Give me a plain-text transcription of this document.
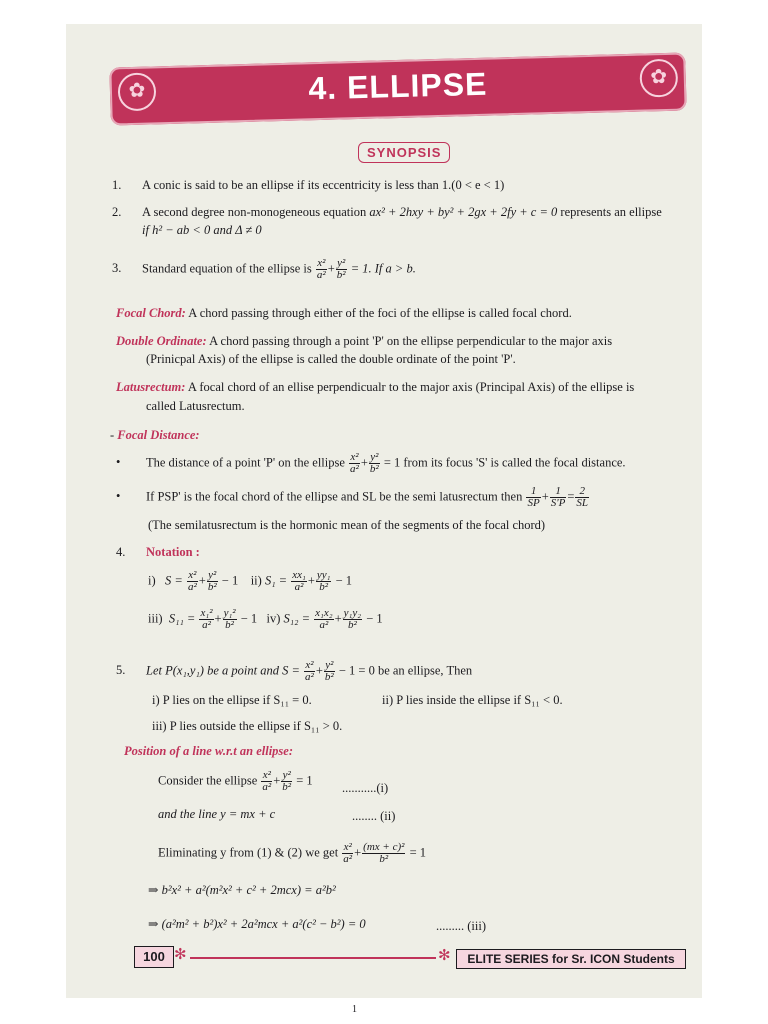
✿
✿
4. ELLIPSE
SYNOPSIS
1. A conic is said to be an ellipse if its eccentricity is less than 1.(0 < e < 1)
2. A second degree non-monogeneous equation ax² + 2hxy + by² + 2gx + 2fy + c = 0 represents an ellipse
if h² − ab < 0 and Δ ≠ 0
3. Standard equation of the ellipse is $\frac{\text{x²}}{\text{a²}} + \frac{\text{y²}}{\text{b²}} = 1$. If a > b.
Focal Chord: A chord passing through either of the foci of the ellipse is called focal chord.
Double Ordinate: A chord passing through a point 'P' on the ellipse perpendicular to the major axis
(Prinicpal Axis) of the ellipse is called the double ordinate of the point 'P'.
Latusrectum: A focal chord of an ellise perpendicualr to the major axis (Principal Axis) of the ellipse is
called Latusrectum.
- Focal Distance:
• The distance of a point 'P' on the ellipse $\frac{\text{x²}}{\text{a²}} + \frac{\text{y²}}{\text{b²}} = 1$ from its focus 'S' is called the focal distance.
• If PSP' is the focal chord of the ellipse and SL be the semi latusrectum then $\frac{1}{SP} + \frac{1}{S'P} = \frac{2}{SL}$
(The semilatusrectum is the hormonic mean of the segments of the focal chord)
4. Notation :
i) $S = \frac{\text{x²}}{\text{a²}} + \frac{\text{y²}}{\text{b²}} - 1$ ii) $S_1 = \frac{\text{xx₁}}{\text{a²}} + \frac{\text{yy₁}}{\text{b²}} - 1$
iii) $S_{11} = \frac{\text{x₁²}}{\text{a²}} + \frac{\text{y₁²}}{\text{b²}} - 1$ iv) $S_{12} = \frac{\text{x₁x₂}}{\text{a²}} + \frac{\text{y₁y₂}}{\text{b²}} - 1$
5. Let P(x₁,y₁) be a point and $S = \frac{\text{x²}}{\text{a²}} + \frac{\text{y²}}{\text{b²}} - 1 = 0$ be an ellipse, Then
i) P lies on the ellipse if S₁₁ = 0.	ii) P lies inside the ellipse if S₁₁ < 0.
iii) P lies outside the ellipse if S₁₁ > 0.
Position of a line w.r.t an ellipse:
Consider the ellipse $\frac{\text{x²}}{\text{a²}} + \frac{\text{y²}}{\text{b²}} = 1$
...........(i)
and the line y = mx + c	........ (ii)
Eliminating y from (1) & (2) we get $\frac{\text{x²}}{\text{a²}} + \frac{\text{(mx + c)²}}{\text{b²}} = 1$
⇒ b²x² + a²(m²x² + c² + 2mcx) = a²b²
⇒ (a²m² + b²)x² + 2a²mcx + a²(c² − b²) = 0	......... (iii)
100 ✻	✻	ELITE SERIES for Sr. ICON Students
1
